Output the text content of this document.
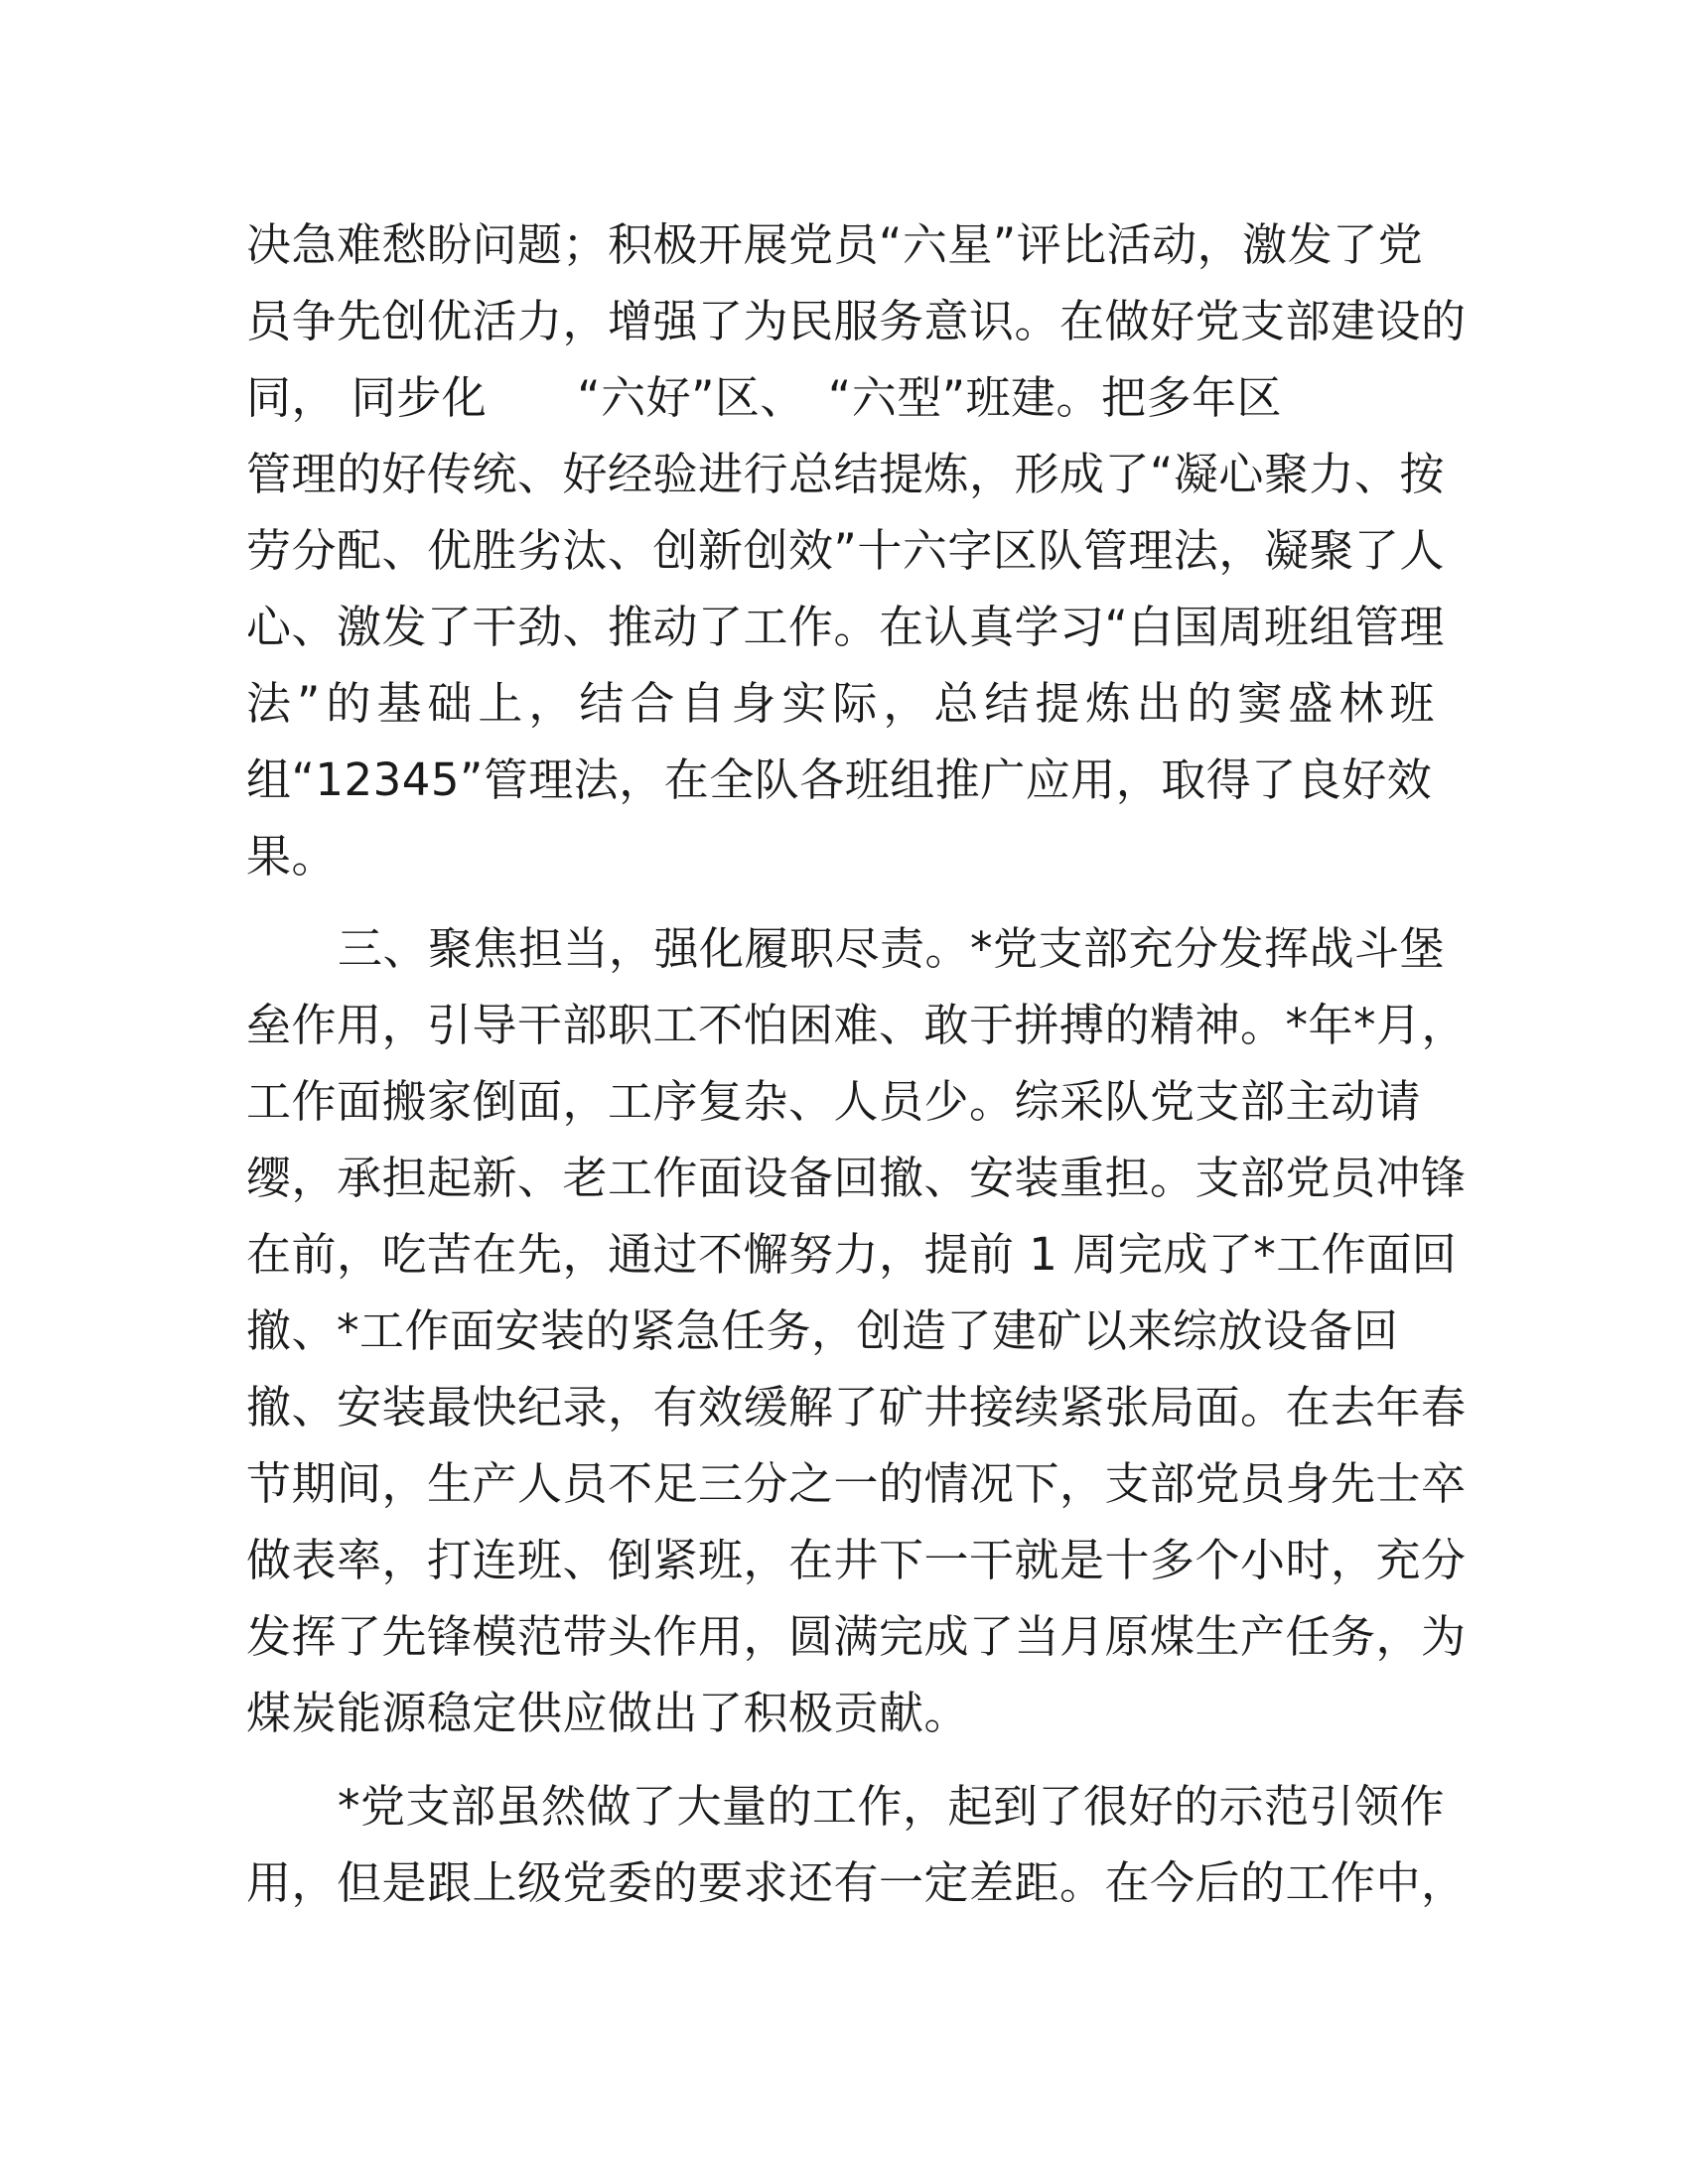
决急难愁盼问题；积极开展党员“六星”评比活动，激发了党
员争先创优活力，增强了为民服务意识。在做好党支部建设的
同， 同步化　　“六好”区、　“六型”班建。把多年区
管理的好传统、好经验进行总结提炼，形成了“凝心聚力、按
劳分配、优胜劣汰、创新创效”十六字区队管理法，凝聚了人
心、激发了干劲、推动了工作。在认真学习“白国周班组管理
法”的基础上，结合自身实际，总结提炼出的窦盛林班
组“12345”管理法，在全队各班组推广应用，取得了良好效
果。
三、聚焦担当，强化履职尽责。*党支部充分发挥战斗堡
垒作用，引导干部职工不怕困难、敢于拼搏的精神。*年*月，
工作面搬家倒面，工序复杂、人员少。综采队党支部主动请
缨，承担起新、老工作面设备回撤、安装重担。支部党员冲锋
在前，吃苦在先，通过不懈努力，提前 1 周完成了*工作面回
撤、*工作面安装的紧急任务，创造了建矿以来综放设备回
撤、安装最快纪录，有效缓解了矿井接续紧张局面。在去年春
节期间，生产人员不足三分之一的情况下，支部党员身先士卒
做表率，打连班、倒紧班，在井下一干就是十多个小时，充分
发挥了先锋模范带头作用，圆满完成了当月原煤生产任务，为
煤炭能源稳定供应做出了积极贡献。
*党支部虽然做了大量的工作，起到了很好的示范引领作
用，但是跟上级党委的要求还有一定差距。在今后的工作中，
